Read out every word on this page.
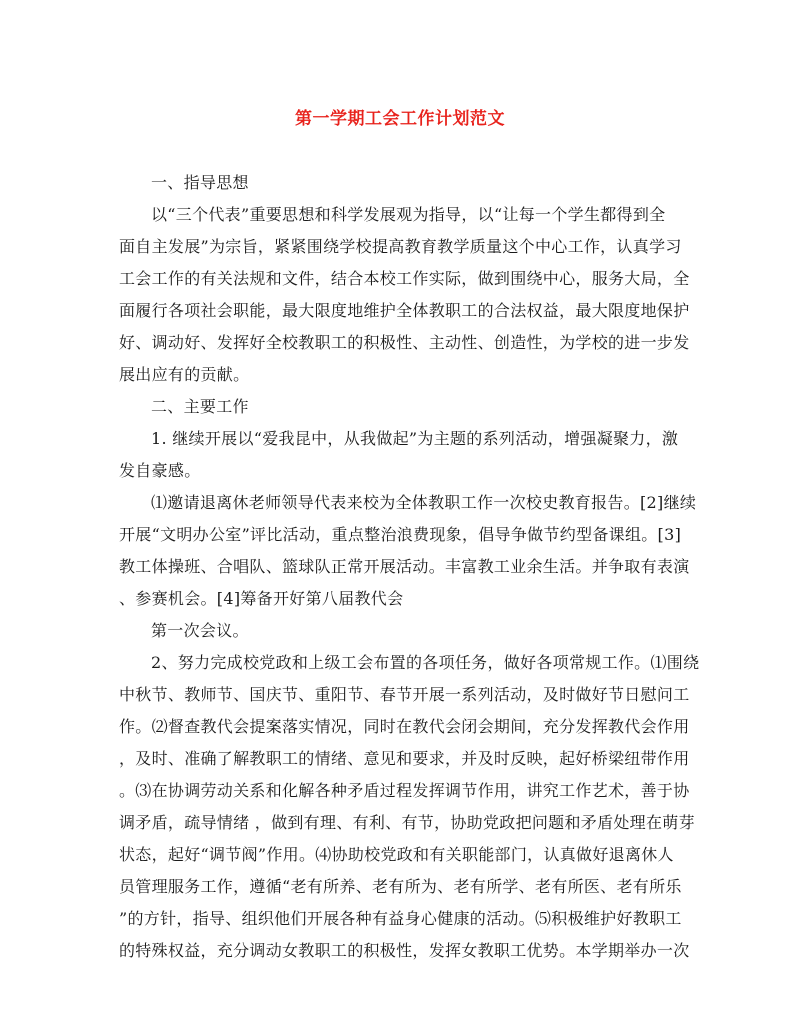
第一学期工会工作计划范文
一、指导思想
以“三个代表”重要思想和科学发展观为指导，以“让每一个学生都得到全
面自主发展”为宗旨，紧紧围绕学校提高教育教学质量这个中心工作，认真学习
工会工作的有关法规和文件，结合本校工作实际，做到围绕中心，服务大局，全
面履行各项社会职能，最大限度地维护全体教职工的合法权益，最大限度地保护
好、调动好、发挥好全校教职工的积极性、主动性、创造性，为学校的进一步发
展出应有的贡献。
二、主要工作
1. 继续开展以“爱我昆中，从我做起”为主题的系列活动，增强凝聚力，激
发自豪感。
⑴邀请退离休老师领导代表来校为全体教职工作一次校史教育报告。[2]继续
开展“文明办公室”评比活动，重点整治浪费现象，倡导争做节约型备课组。[3]
教工体操班、合唱队、篮球队正常开展活动。丰富教工业余生活。并争取有表演
、参赛机会。[4]筹备开好第八届教代会
第一次会议。
2、努力完成校党政和上级工会布置的各项任务，做好各项常规工作。⑴围绕
中秋节、教师节、国庆节、重阳节、春节开展一系列活动，及时做好节日慰问工
作。⑵督查教代会提案落实情况，同时在教代会闭会期间，充分发挥教代会作用
，及时、准确了解教职工的情绪、意见和要求，并及时反映，起好桥梁纽带作用
。⑶在协调劳动关系和化解各种矛盾过程发挥调节作用，讲究工作艺术，善于协
调矛盾，疏导情绪 ，做到有理、有利、有节，协助党政把问题和矛盾处理在萌芽
状态，起好“调节阀”作用。⑷协助校党政和有关职能部门，认真做好退离休人
员管理服务工作，遵循“老有所养、老有所为、老有所学、老有所医、老有所乐
”的方针，指导、组织他们开展各种有益身心健康的活动。⑸积极维护好教职工
的特殊权益，充分调动女教职工的积极性，发挥女教职工优势。本学期举办一次
